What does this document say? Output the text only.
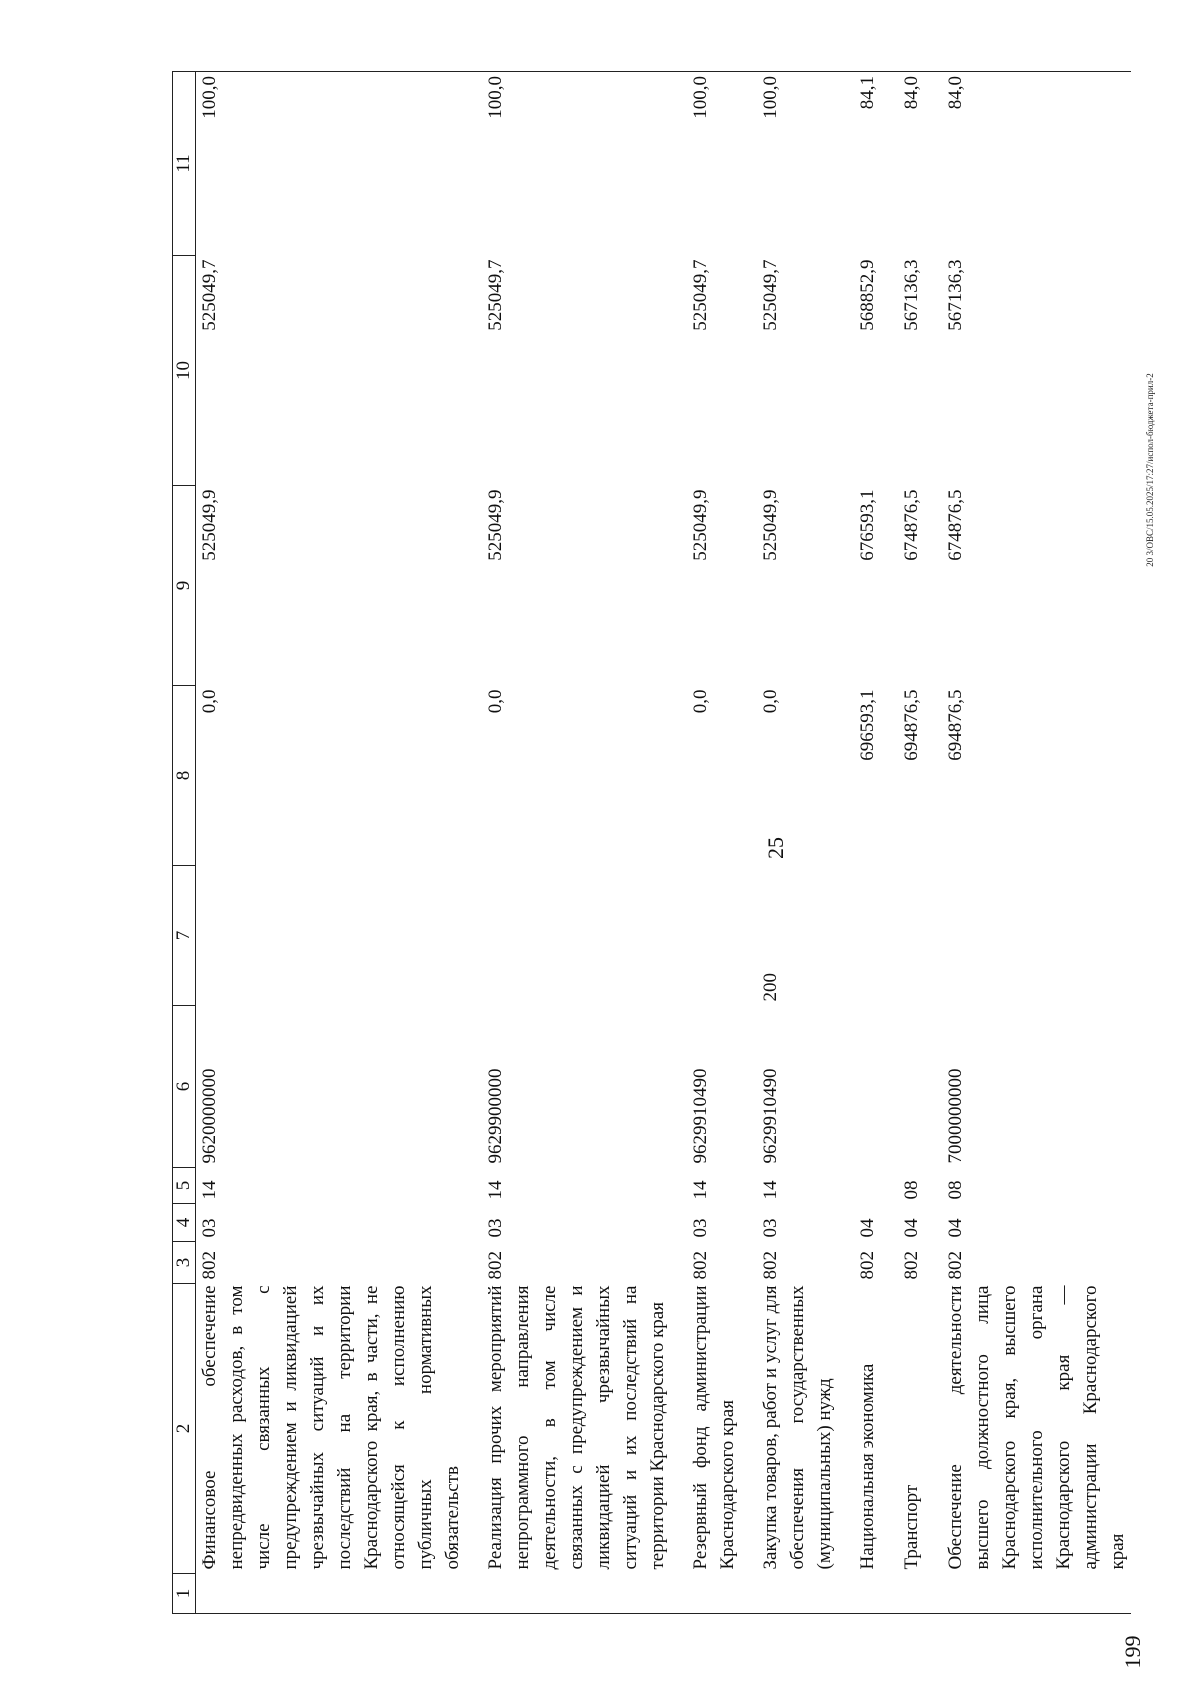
25
1	2	3	4	5	6	7	8	9	10	11
	Финансовое обеспечение непредвиденных расходов, в том числе связанных с предупреждением и ликвидацией чрезвычайных ситуаций и их последствий на территории Краснодарского края, в части, не относящейся к исполнению публичных нормативных обязательств	802	03	14	9620000000		0,0	525049,9	525049,7	100,0
	Реализация прочих мероприятий непрограммного направления деятельности, в том числе связанных с предупреждением и ликвидацией чрезвычайных ситуаций и их последствий на территории Краснодарского края	802	03	14	9629900000		0,0	525049,9	525049,7	100,0
	Резервный фонд администрации Краснодарского края	802	03	14	9629910490		0,0	525049,9	525049,7	100,0
	Закупка товаров, работ и услуг для обеспечения государственных (муниципальных) нужд	802	03	14	9629910490	200	0,0	525049,9	525049,7	100,0
	Национальная экономика	802	04				696593,1	676593,1	568852,9	84,1
	Транспорт	802	04	08			694876,5	674876,5	567136,3	84,0
	Обеспечение деятельности высшего должностного лица Краснодарского края, высшего исполнительного органа Краснодарского края — администрации Краснодарского края	802	04	08	7000000000		694876,5	674876,5	567136,3	84,0
20 3/ОВС/15.05.2025/17:27/испол-бюджета-прил-2
199
